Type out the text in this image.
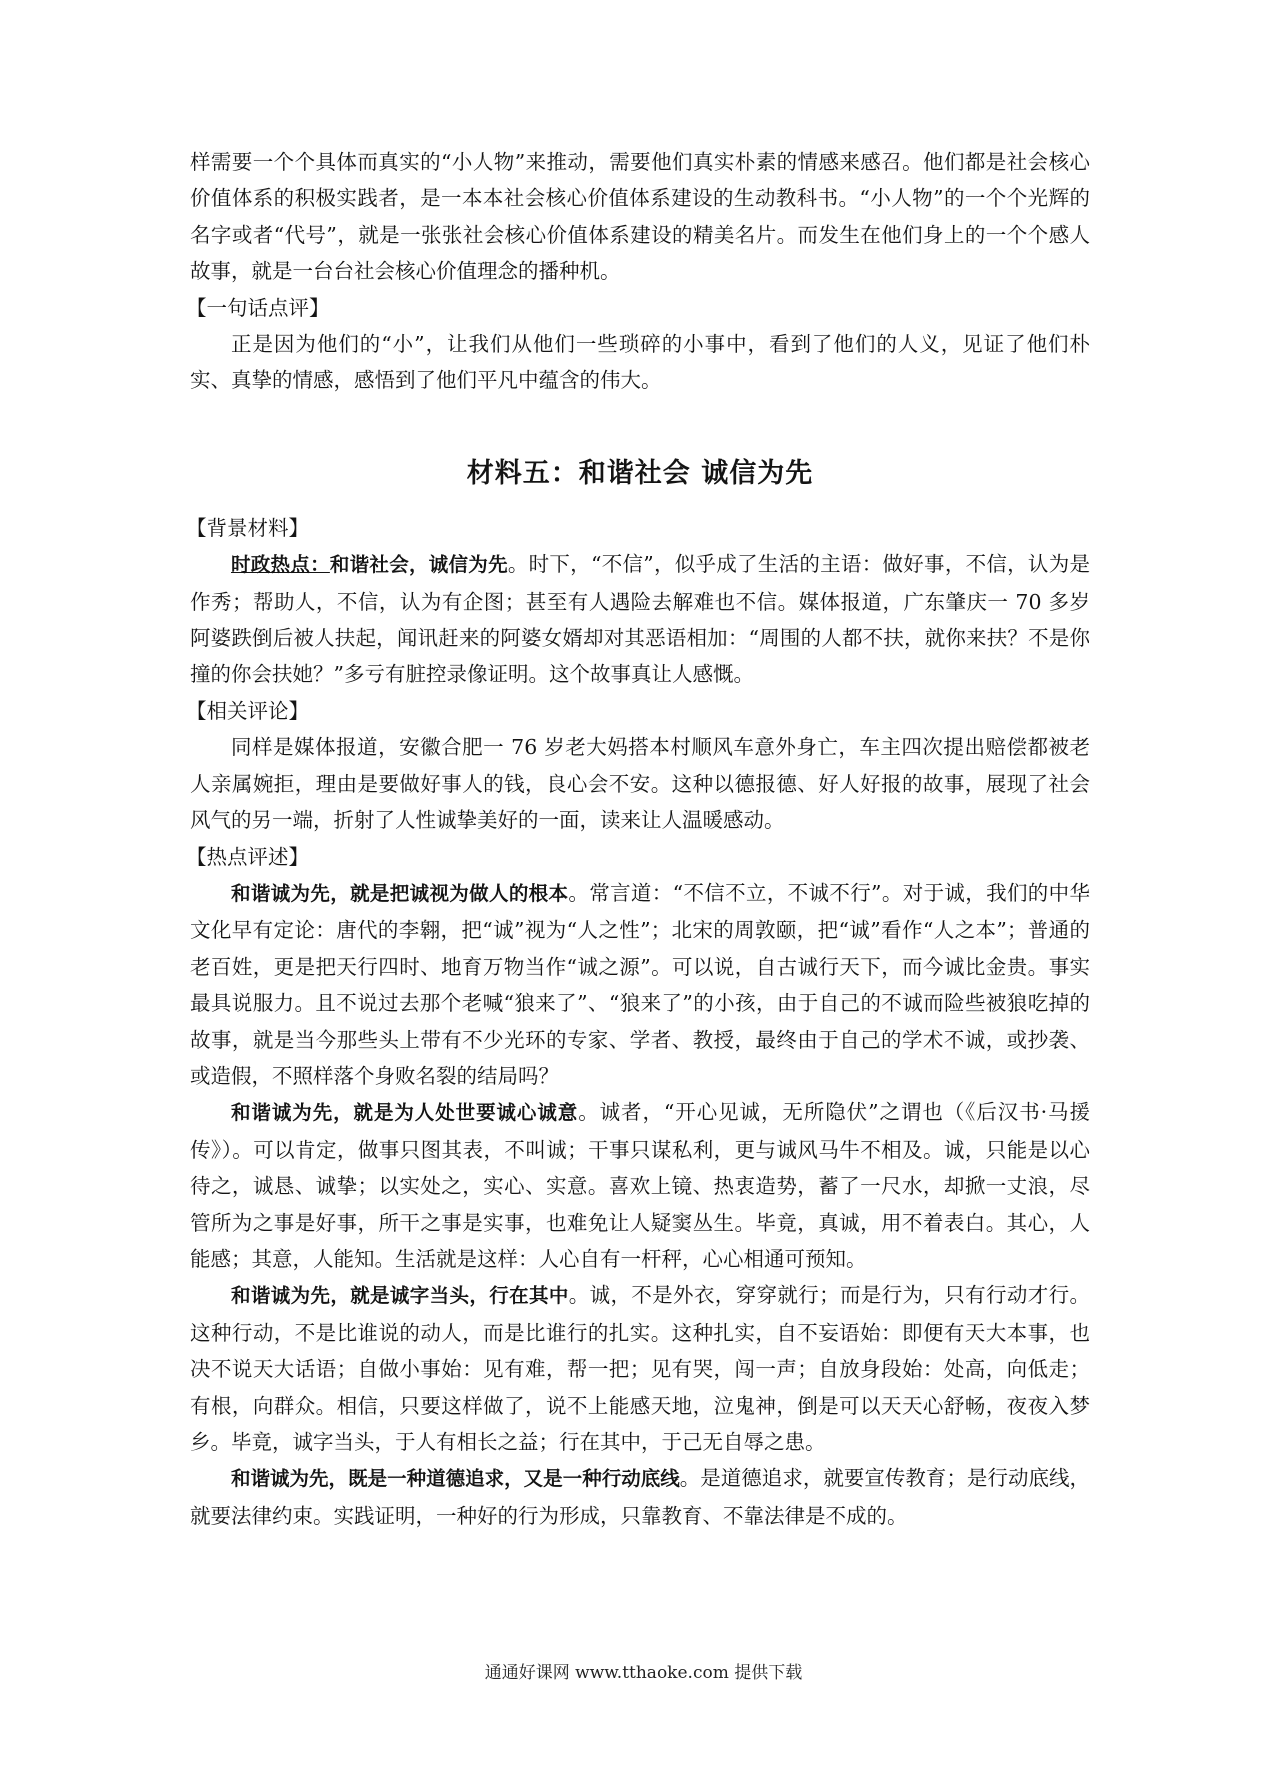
样需要一个个具体而真实的“小人物”来推动，需要他们真实朴素的情感来感召。他们都是社会核心价值体系的积极实践者，是一本本社会核心价值体系建设的生动教科书。“小人物”的一个个光辉的名字或者“代号”，就是一张张社会核心价值体系建设的精美名片。而发生在他们身上的一个个感人故事，就是一台台社会核心价值理念的播种机。

【一句话点评】

正是因为他们的“小”，让我们从他们一些琐碎的小事中，看到了他们的人义，见证了他们朴实、真挚的情感，感悟到了他们平凡中蕴含的伟大。

材料五：和谐社会 诚信为先

【背景材料】

时政热点：和谐社会，诚信为先。时下，“不信”，似乎成了生活的主语：做好事，不信，认为是作秀；帮助人，不信，认为有企图；甚至有人遇险去解难也不信。媒体报道，广东肇庆一 70 多岁阿婆跌倒后被人扶起，闻讯赶来的阿婆女婿却对其恶语相加：“周围的人都不扶，就你来扶？不是你撞的你会扶她？”多亏有脏控录像证明。这个故事真让人感慨。

【相关评论】

同样是媒体报道，安徽合肥一 76 岁老大妈搭本村顺风车意外身亡，车主四次提出赔偿都被老人亲属婉拒，理由是要做好事人的钱，良心会不安。这种以德报德、好人好报的故事，展现了社会风气的另一端，折射了人性诚挚美好的一面，读来让人温暖感动。

【热点评述】

和谐诚为先，就是把诚视为做人的根本。常言道：“不信不立，不诚不行”。对于诚，我们的中华文化早有定论：唐代的李翱，把“诚”视为“人之性”；北宋的周敦颐，把“诚”看作“人之本”；普通的老百姓，更是把天行四时、地育万物当作“诚之源”。可以说，自古诚行天下，而今诚比金贵。事实最具说服力。且不说过去那个老喊“狼来了”、“狼来了”的小孩，由于自己的不诚而险些被狼吃掉的故事，就是当今那些头上带有不少光环的专家、学者、教授，最终由于自己的学术不诚，或抄袭、或造假，不照样落个身败名裂的结局吗？

和谐诚为先，就是为人处世要诚心诚意。诚者，“开心见诚，无所隐伏”之谓也（《后汉书·马援传》）。可以肯定，做事只图其表，不叫诚；干事只谋私利，更与诚风马牛不相及。诚，只能是以心待之，诚恳、诚挚；以实处之，实心、实意。喜欢上镜、热衷造势，蓄了一尺水，却掀一丈浪，尽管所为之事是好事，所干之事是实事，也难免让人疑窦丛生。毕竟，真诚，用不着表白。其心，人能感；其意，人能知。生活就是这样：人心自有一杆秤，心心相通可预知。

和谐诚为先，就是诚字当头，行在其中。诚，不是外衣，穿穿就行；而是行为，只有行动才行。这种行动，不是比谁说的动人，而是比谁行的扎实。这种扎实，自不妄语始：即便有天大本事，也决不说天大话语；自做小事始：见有难，帮一把；见有哭，闯一声；自放身段始：处高，向低走；有根，向群众。相信，只要这样做了，说不上能感天地，泣鬼神，倒是可以天天心舒畅，夜夜入梦乡。毕竟，诚字当头，于人有相长之益；行在其中，于己无自辱之患。

和谐诚为先，既是一种道德追求，又是一种行动底线。是道德追求，就要宣传教育；是行动底线，就要法律约束。实践证明，一种好的行为形成，只靠教育、不靠法律是不成的。

通通好课网 www.tthaoke.com 提供下载
